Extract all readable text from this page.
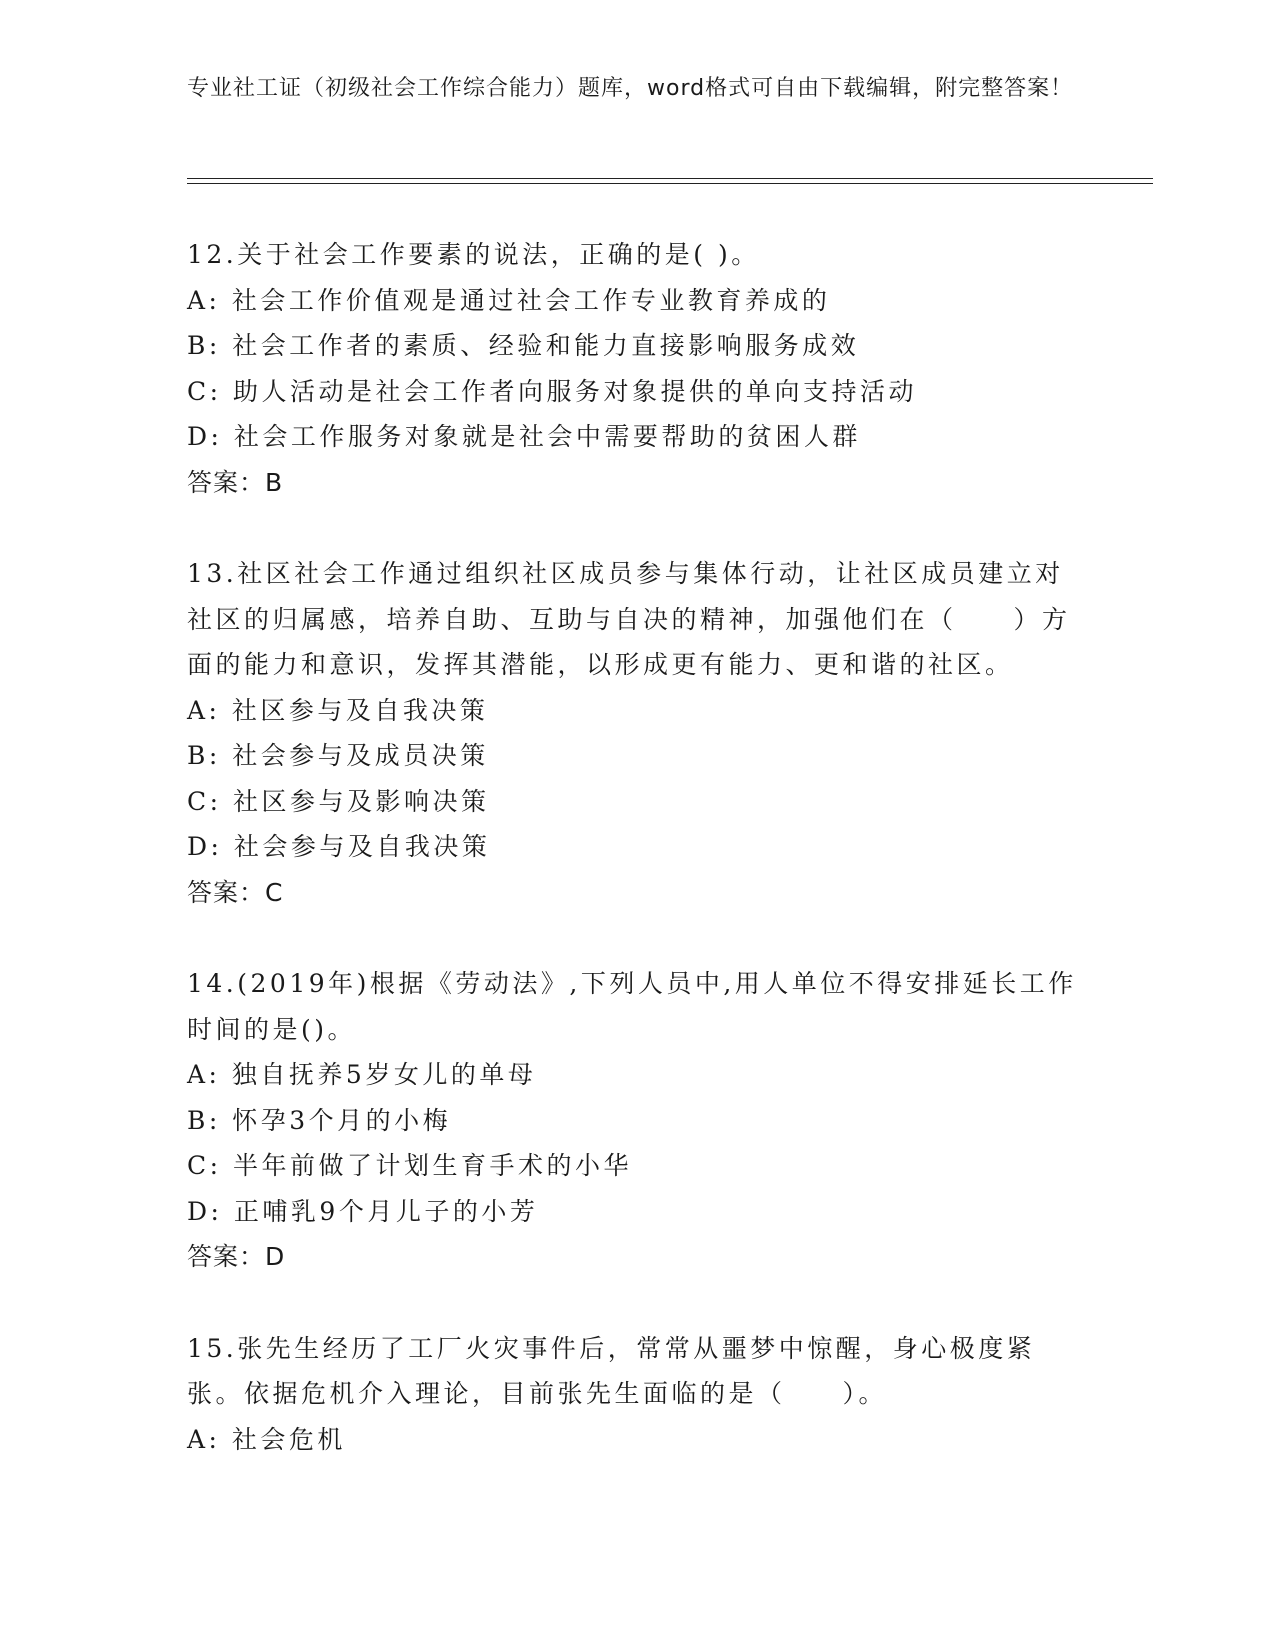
专业社工证（初级社会工作综合能力）题库，word格式可自由下载编辑，附完整答案！

12.关于社会工作要素的说法，正确的是( )。

A: 社会工作价值观是通过社会工作专业教育养成的

B: 社会工作者的素质、经验和能力直接影响服务成效

C: 助人活动是社会工作者向服务对象提供的单向支持活动

D: 社会工作服务对象就是社会中需要帮助的贫困人群

答案：B

13.社区社会工作通过组织社区成员参与集体行动，让社区成员建立对社区的归属感，培养自助、互助与自决的精神，加强他们在（　　）方面的能力和意识，发挥其潜能，以形成更有能力、更和谐的社区。

A: 社区参与及自我决策

B: 社会参与及成员决策

C: 社区参与及影响决策

D: 社会参与及自我决策

答案：C

14.(2019年)根据《劳动法》,下列人员中,用人单位不得安排延长工作时间的是()。

A: 独自抚养5岁女儿的单母

B: 怀孕3个月的小梅

C: 半年前做了计划生育手术的小华

D: 正哺乳9个月儿子的小芳

答案：D

15.张先生经历了工厂火灾事件后，常常从噩梦中惊醒，身心极度紧张。依据危机介入理论，目前张先生面临的是（　　）。

A: 社会危机
